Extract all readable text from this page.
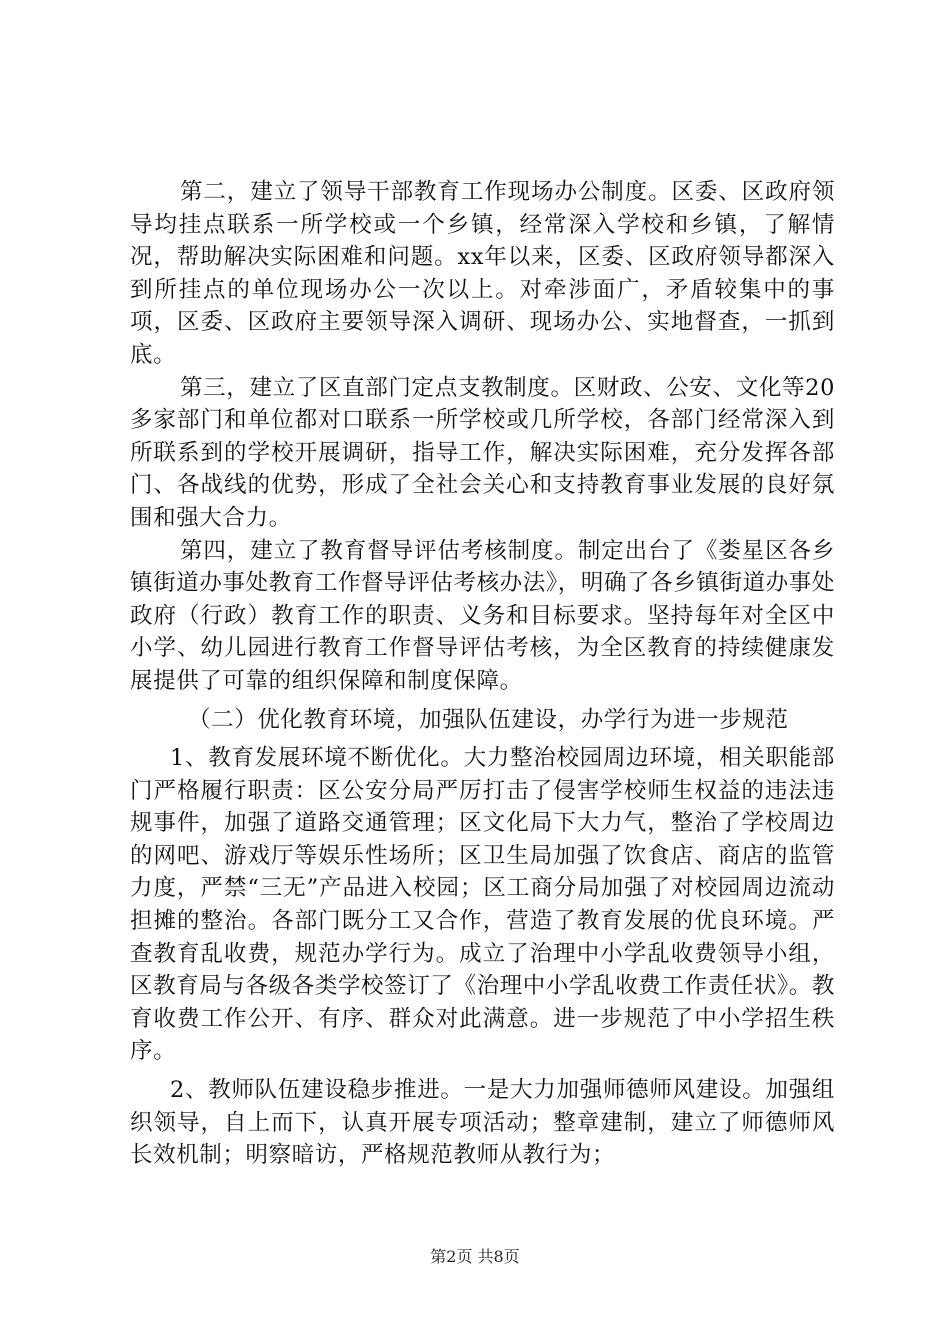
第二，建立了领导干部教育工作现场办公制度。区委、区政府领导均挂点联系一所学校或一个乡镇，经常深入学校和乡镇，了解情况，帮助解决实际困难和问题。xx年以来，区委、区政府领导都深入到所挂点的单位现场办公一次以上。对牵涉面广，矛盾较集中的事项，区委、区政府主要领导深入调研、现场办公、实地督查，一抓到底。

第三，建立了区直部门定点支教制度。区财政、公安、文化等20多家部门和单位都对口联系一所学校或几所学校，各部门经常深入到所联系到的学校开展调研，指导工作，解决实际困难，充分发挥各部门、各战线的优势，形成了全社会关心和支持教育事业发展的良好氛围和强大合力。

第四，建立了教育督导评估考核制度。制定出台了《娄星区各乡镇街道办事处教育工作督导评估考核办法》，明确了各乡镇街道办事处政府（行政）教育工作的职责、义务和目标要求。坚持每年对全区中小学、幼儿园进行教育工作督导评估考核，为全区教育的持续健康发展提供了可靠的组织保障和制度保障。

（二）优化教育环境，加强队伍建设，办学行为进一步规范

1、教育发展环境不断优化。大力整治校园周边环境，相关职能部门严格履行职责：区公安分局严厉打击了侵害学校师生权益的违法违规事件，加强了道路交通管理；区文化局下大力气，整治了学校周边的网吧、游戏厅等娱乐性场所；区卫生局加强了饮食店、商店的监管力度，严禁“三无”产品进入校园；区工商分局加强了对校园周边流动担摊的整治。各部门既分工又合作，营造了教育发展的优良环境。严查教育乱收费，规范办学行为。成立了治理中小学乱收费领导小组，区教育局与各级各类学校签订了《治理中小学乱收费工作责任状》。教育收费工作公开、有序、群众对此满意。进一步规范了中小学招生秩序。

2、教师队伍建设稳步推进。一是大力加强师德师风建设。加强组织领导，自上而下，认真开展专项活动；整章建制，建立了师德师风长效机制；明察暗访，严格规范教师从教行为；

第2页 共8页
